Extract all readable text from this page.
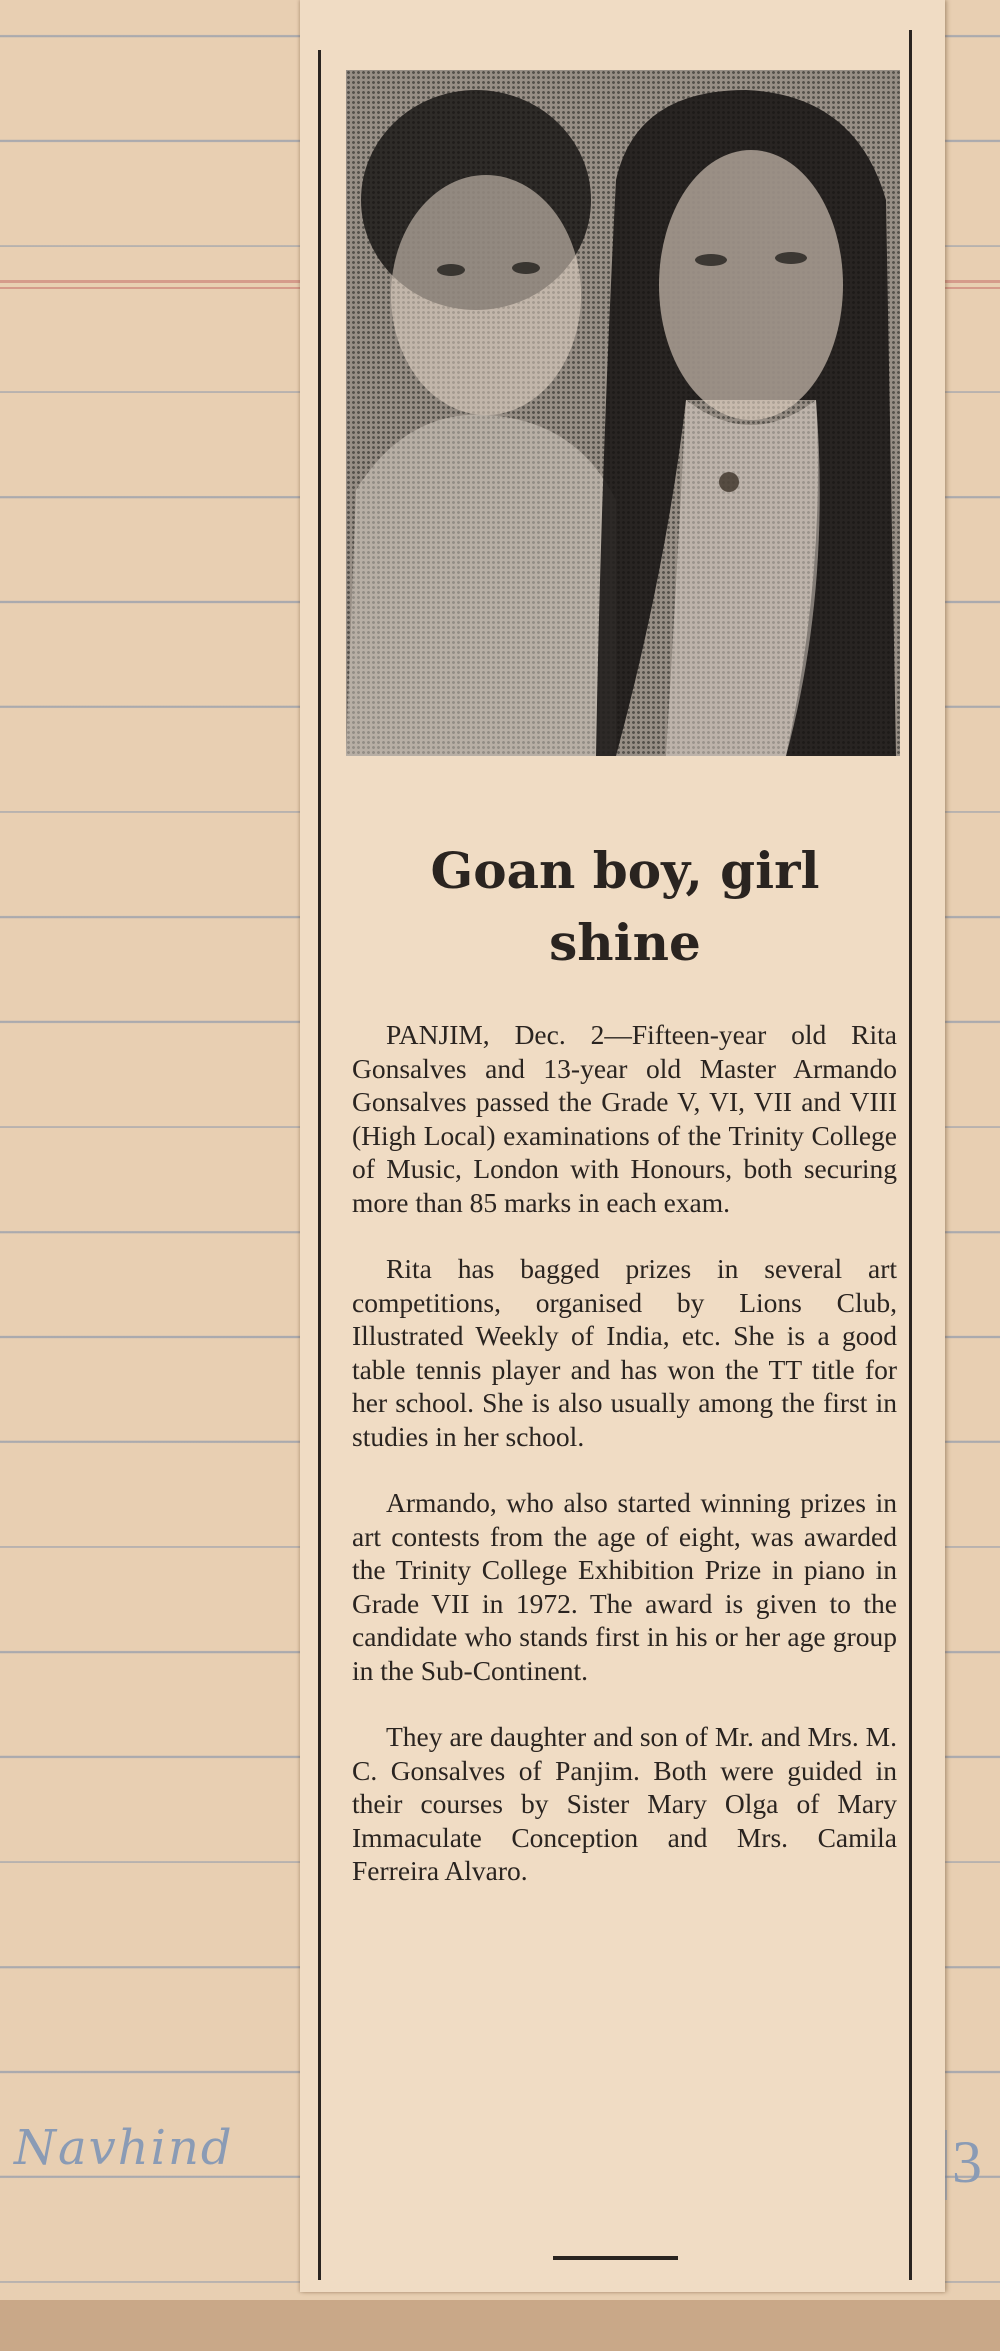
Goan boy, girl
shine

PANJIM, Dec. 2—Fifteen-year old Rita Gonsalves and 13-year old Master Armando Gonsalves passed the Grade V, VI, VII and VIII (High Local) examinations of the Trinity College of Music, London with Honours, both securing more than 85 marks in each exam.

Rita has bagged prizes in several art competitions, organised by Lions Club, Illustrated Weekly of India, etc. She is a good table tennis player and has won the TT title for her school. She is also usually among the first in studies in her school.

Armando, who also started winning prizes in art contests from the age of eight, was awarded the Trinity College Exhibition Prize in piano in Grade VII in 1972. The award is given to the candidate who stands first in his or her age group in the Sub-Continent.

They are daughter and son of Mr. and Mrs. M. C. Gonsalves of Panjim. Both were guided in their courses by Sister Mary Olga of Mary Immaculate Conception and Mrs. Camila Ferreira Alvaro.

Navhind	3
